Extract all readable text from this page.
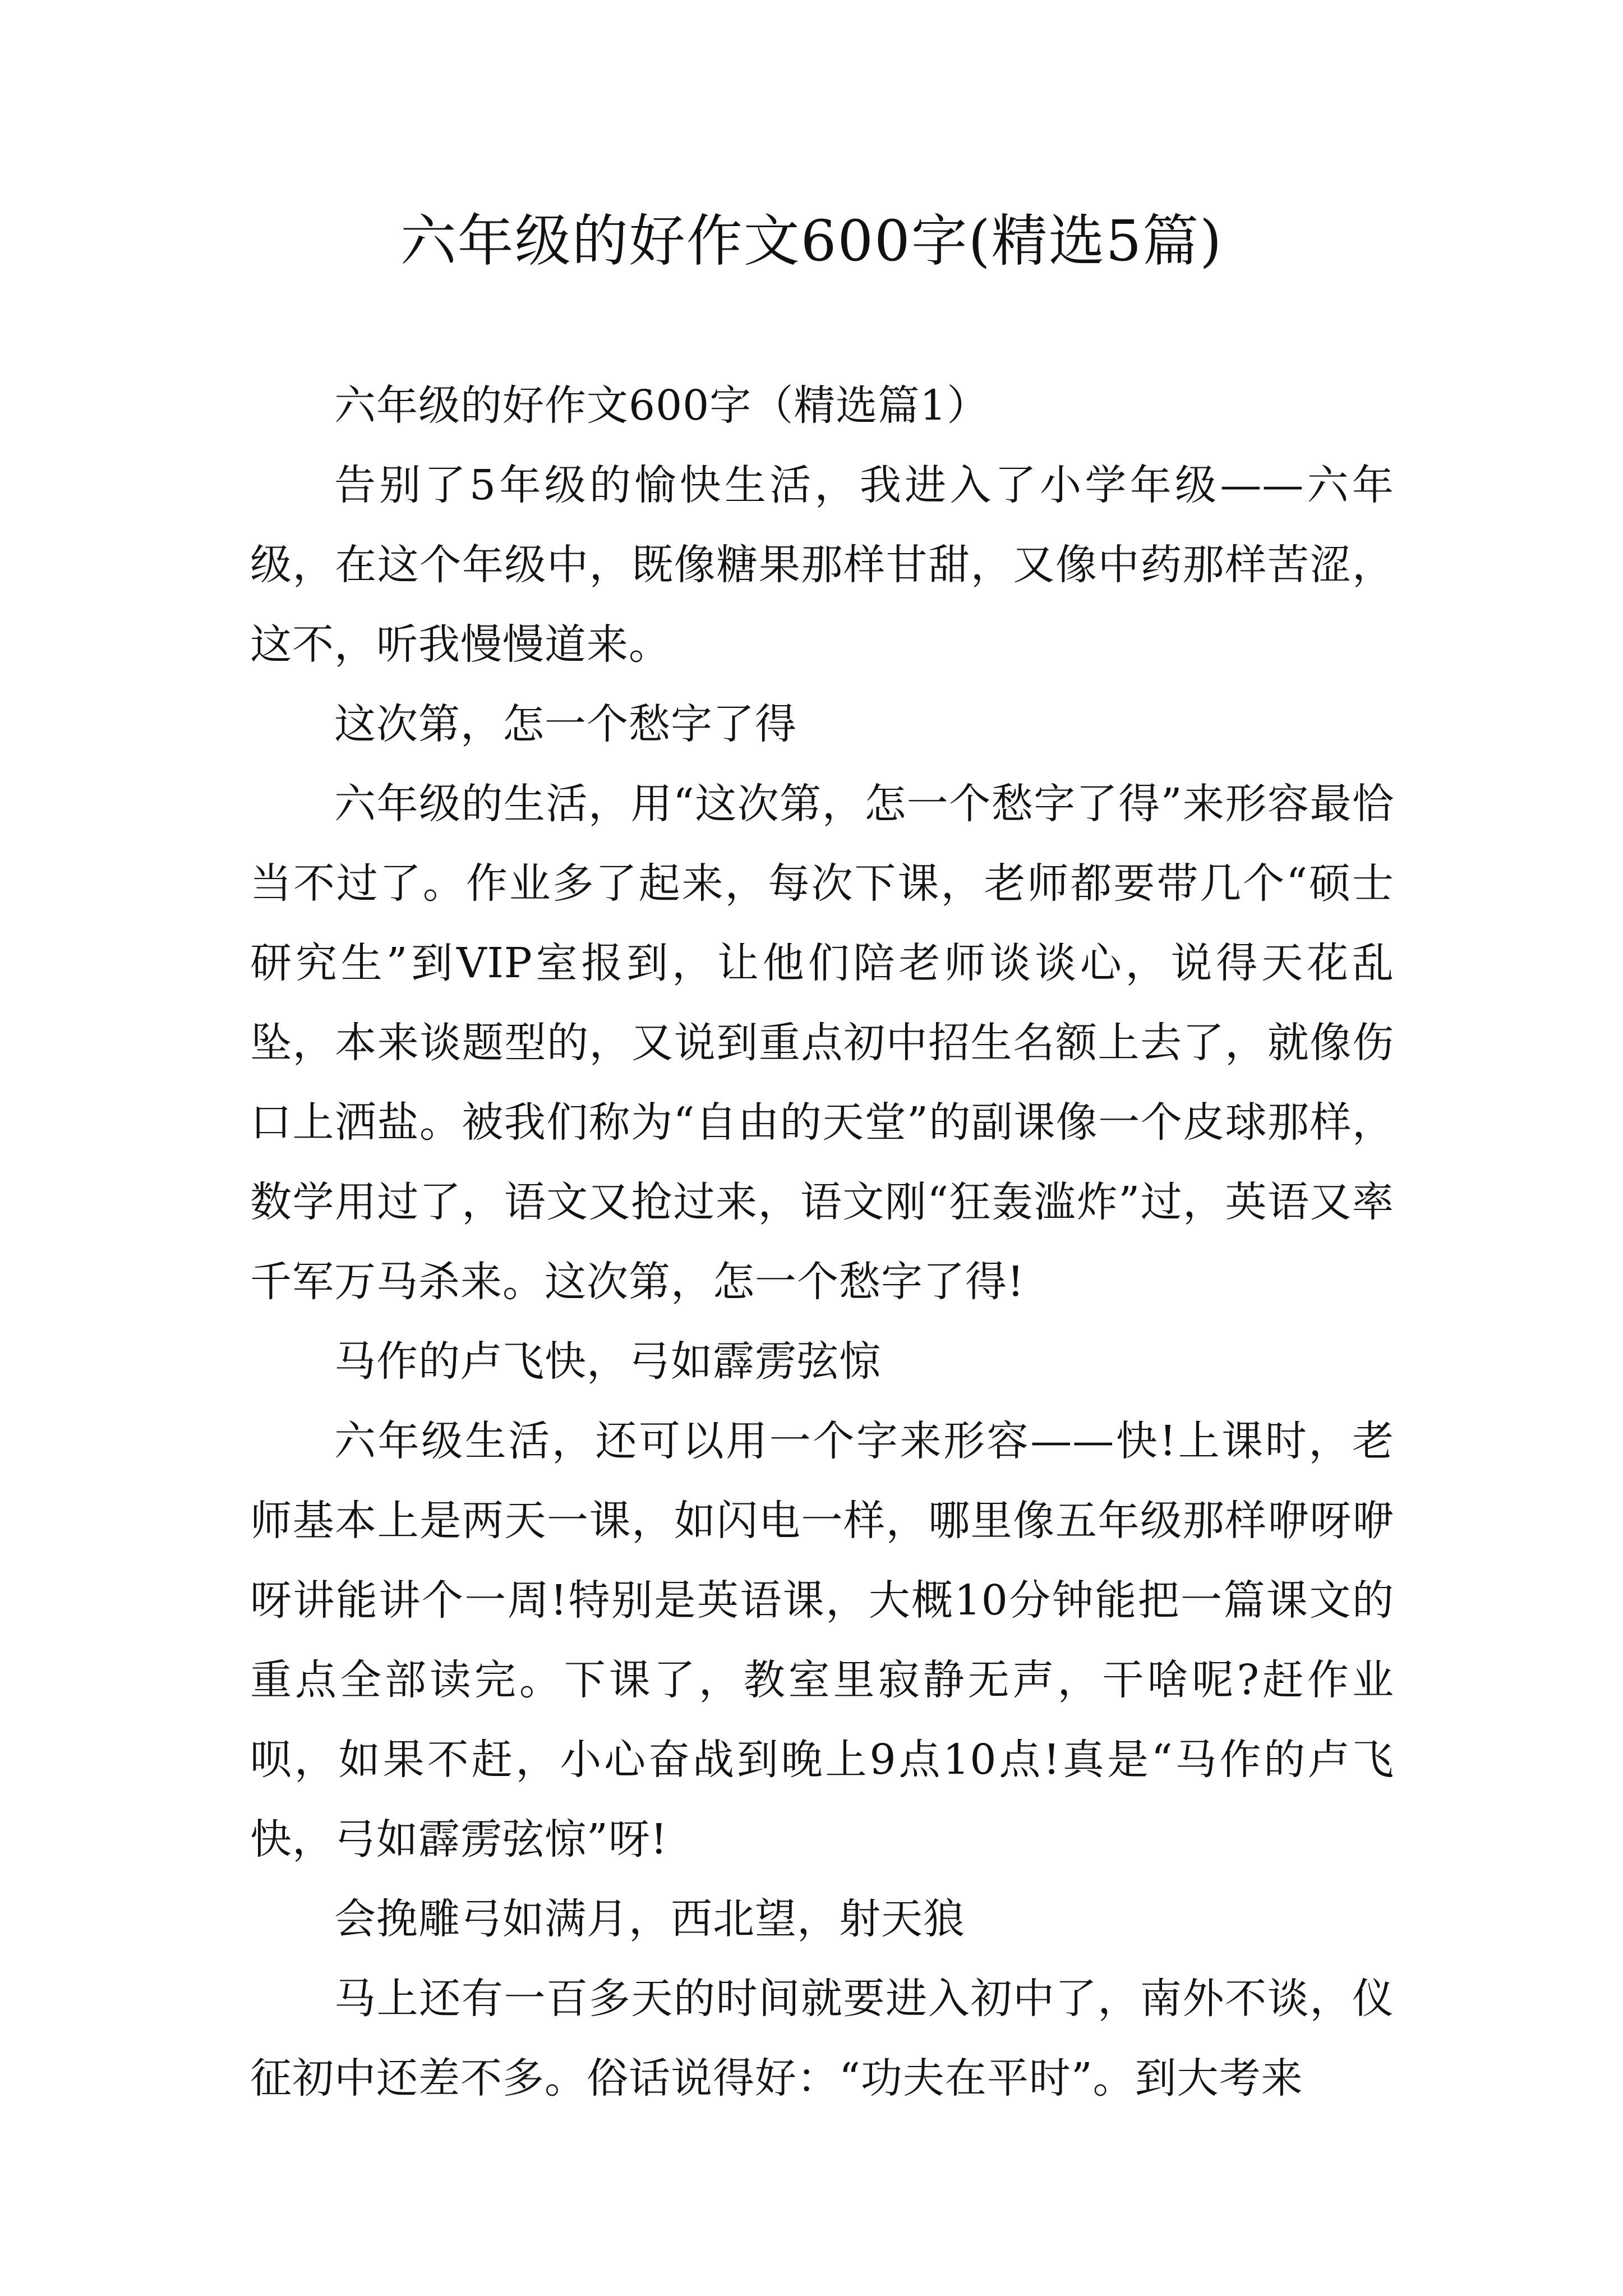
六年级的好作文600字(精选5篇)

六年级的好作文600字（精选篇1）

告别了5年级的愉快生活，我进入了小学年级——六年级，在这个年级中，既像糖果那样甘甜，又像中药那样苦涩，这不，听我慢慢道来。

这次第，怎一个愁字了得

六年级的生活，用“这次第，怎一个愁字了得”来形容最恰当不过了。作业多了起来，每次下课，老师都要带几个“硕士研究生”到VIP室报到，让他们陪老师谈谈心，说得天花乱坠，本来谈题型的，又说到重点初中招生名额上去了，就像伤口上洒盐。被我们称为“自由的天堂”的副课像一个皮球那样，数学用过了，语文又抢过来，语文刚“狂轰滥炸”过，英语又率千军万马杀来。这次第，怎一个愁字了得!

马作的卢飞快，弓如霹雳弦惊

六年级生活，还可以用一个字来形容——快!上课时，老师基本上是两天一课，如闪电一样，哪里像五年级那样咿呀咿呀讲能讲个一周!特别是英语课，大概10分钟能把一篇课文的重点全部读完。下课了，教室里寂静无声，干啥呢?赶作业呗，如果不赶，小心奋战到晚上9点10点!真是“马作的卢飞快，弓如霹雳弦惊”呀!

会挽雕弓如满月，西北望，射天狼

马上还有一百多天的时间就要进入初中了，南外不谈，仪征初中还差不多。俗话说得好：“功夫在平时”。到大考来
